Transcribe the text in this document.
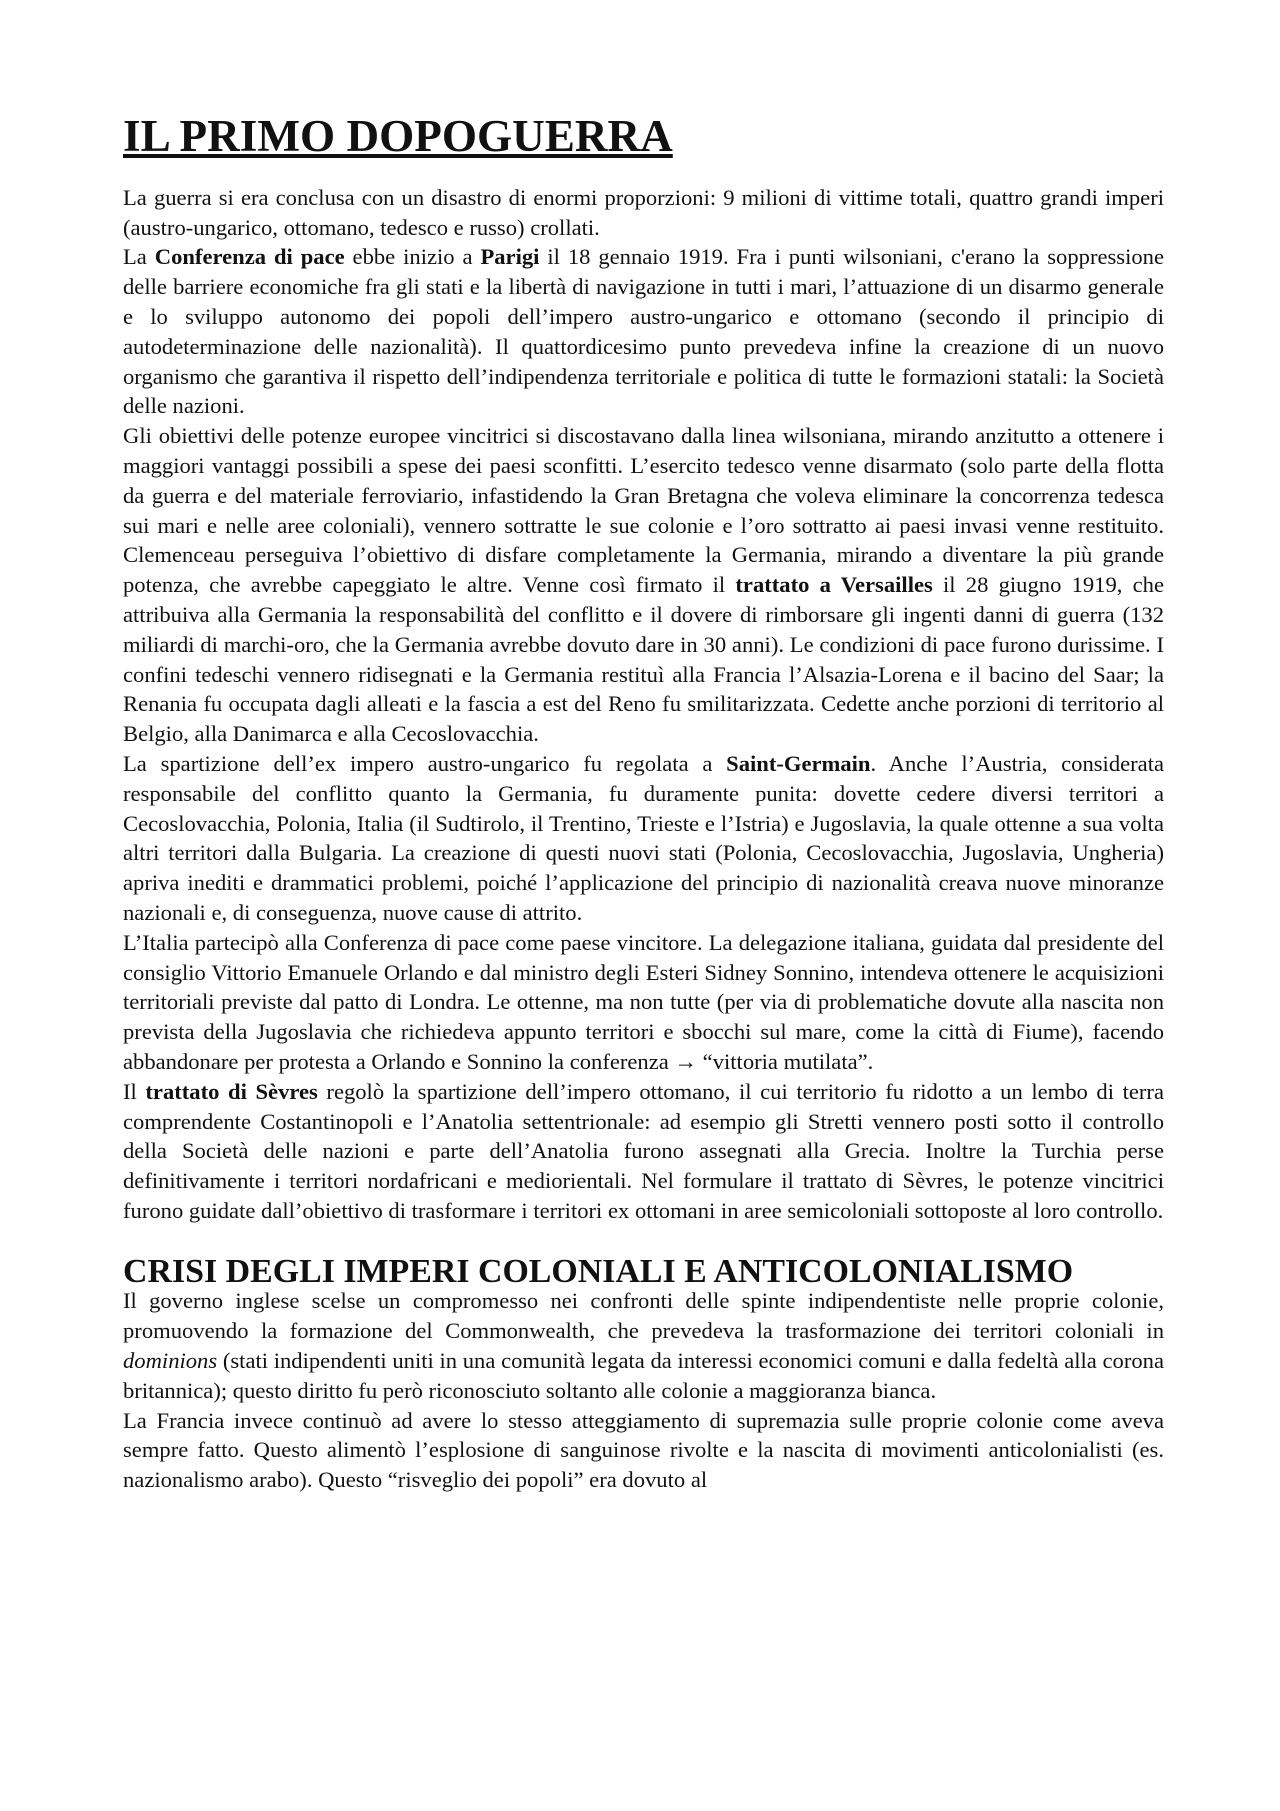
IL PRIMO DOPOGUERRA

La guerra si era conclusa con un disastro di enormi proporzioni: 9 milioni di vittime totali, quattro grandi imperi (austro-ungarico, ottomano, tedesco e russo) crollati.

La Conferenza di pace ebbe inizio a Parigi il 18 gennaio 1919. Fra i punti wilsoniani, c'erano la soppressione delle barriere economiche fra gli stati e la libertà di navigazione in tutti i mari, l’attuazione di un disarmo generale e lo sviluppo autonomo dei popoli dell’impero austro-ungarico e ottomano (secondo il principio di autodeterminazione delle nazionalità). Il quattordicesimo punto prevedeva infine la creazione di un nuovo organismo che garantiva il rispetto dell’indipendenza territoriale e politica di tutte le formazioni statali: la Società delle nazioni.

Gli obiettivi delle potenze europee vincitrici si discostavano dalla linea wilsoniana, mirando anzitutto a ottenere i maggiori vantaggi possibili a spese dei paesi sconfitti. L’esercito tedesco venne disarmato (solo parte della flotta da guerra e del materiale ferroviario, infastidendo la Gran Bretagna che voleva eliminare la concorrenza tedesca sui mari e nelle aree coloniali), vennero sottratte le sue colonie e l’oro sottratto ai paesi invasi venne restituito. Clemenceau perseguiva l’obiettivo di disfare completamente la Germania, mirando a diventare la più grande potenza, che avrebbe capeggiato le altre. Venne così firmato il trattato a Versailles il 28 giugno 1919, che attribuiva alla Germania la responsabilità del conflitto e il dovere di rimborsare gli ingenti danni di guerra (132 miliardi di marchi-oro, che la Germania avrebbe dovuto dare in 30 anni). Le condizioni di pace furono durissime. I confini tedeschi vennero ridisegnati e la Germania restituì alla Francia l’Alsazia-Lorena e il bacino del Saar; la Renania fu occupata dagli alleati e la fascia a est del Reno fu smilitarizzata. Cedette anche porzioni di territorio al Belgio, alla Danimarca e alla Cecoslovacchia.

La spartizione dell’ex impero austro-ungarico fu regolata a Saint-Germain. Anche l’Austria, considerata responsabile del conflitto quanto la Germania, fu duramente punita: dovette cedere diversi territori a Cecoslovacchia, Polonia, Italia (il Sudtirolo, il Trentino, Trieste e l’Istria) e Jugoslavia, la quale ottenne a sua volta altri territori dalla Bulgaria. La creazione di questi nuovi stati (Polonia, Cecoslovacchia, Jugoslavia, Ungheria) apriva inediti e drammatici problemi, poiché l’applicazione del principio di nazionalità creava nuove minoranze nazionali e, di conseguenza, nuove cause di attrito.

L’Italia partecipò alla Conferenza di pace come paese vincitore. La delegazione italiana, guidata dal presidente del consiglio Vittorio Emanuele Orlando e dal ministro degli Esteri Sidney Sonnino, intendeva ottenere le acquisizioni territoriali previste dal patto di Londra. Le ottenne, ma non tutte (per via di problematiche dovute alla nascita non prevista della Jugoslavia che richiedeva appunto territori e sbocchi sul mare, come la città di Fiume), facendo abbandonare per protesta a Orlando e Sonnino la conferenza → “vittoria mutilata”.

Il trattato di Sèvres regolò la spartizione dell’impero ottomano, il cui territorio fu ridotto a un lembo di terra comprendente Costantinopoli e l’Anatolia settentrionale: ad esempio gli Stretti vennero posti sotto il controllo della Società delle nazioni e parte dell’Anatolia furono assegnati alla Grecia. Inoltre la Turchia perse definitivamente i territori nordafricani e mediorientali. Nel formulare il trattato di Sèvres, le potenze vincitrici furono guidate dall’obiettivo di trasformare i territori ex ottomani in aree semicoloniali sottoposte al loro controllo.

CRISI DEGLI IMPERI COLONIALI E ANTICOLONIALISMO

Il governo inglese scelse un compromesso nei confronti delle spinte indipendentiste nelle proprie colonie, promuovendo la formazione del Commonwealth, che prevedeva la trasformazione dei territori coloniali in dominions (stati indipendenti uniti in una comunità legata da interessi economici comuni e dalla fedeltà alla corona britannica); questo diritto fu però riconosciuto soltanto alle colonie a maggioranza bianca.

La Francia invece continuò ad avere lo stesso atteggiamento di supremazia sulle proprie colonie come aveva sempre fatto. Questo alimentò l’esplosione di sanguinose rivolte e la nascita di movimenti anticolonialisti (es. nazionalismo arabo). Questo “risveglio dei popoli” era dovuto al
